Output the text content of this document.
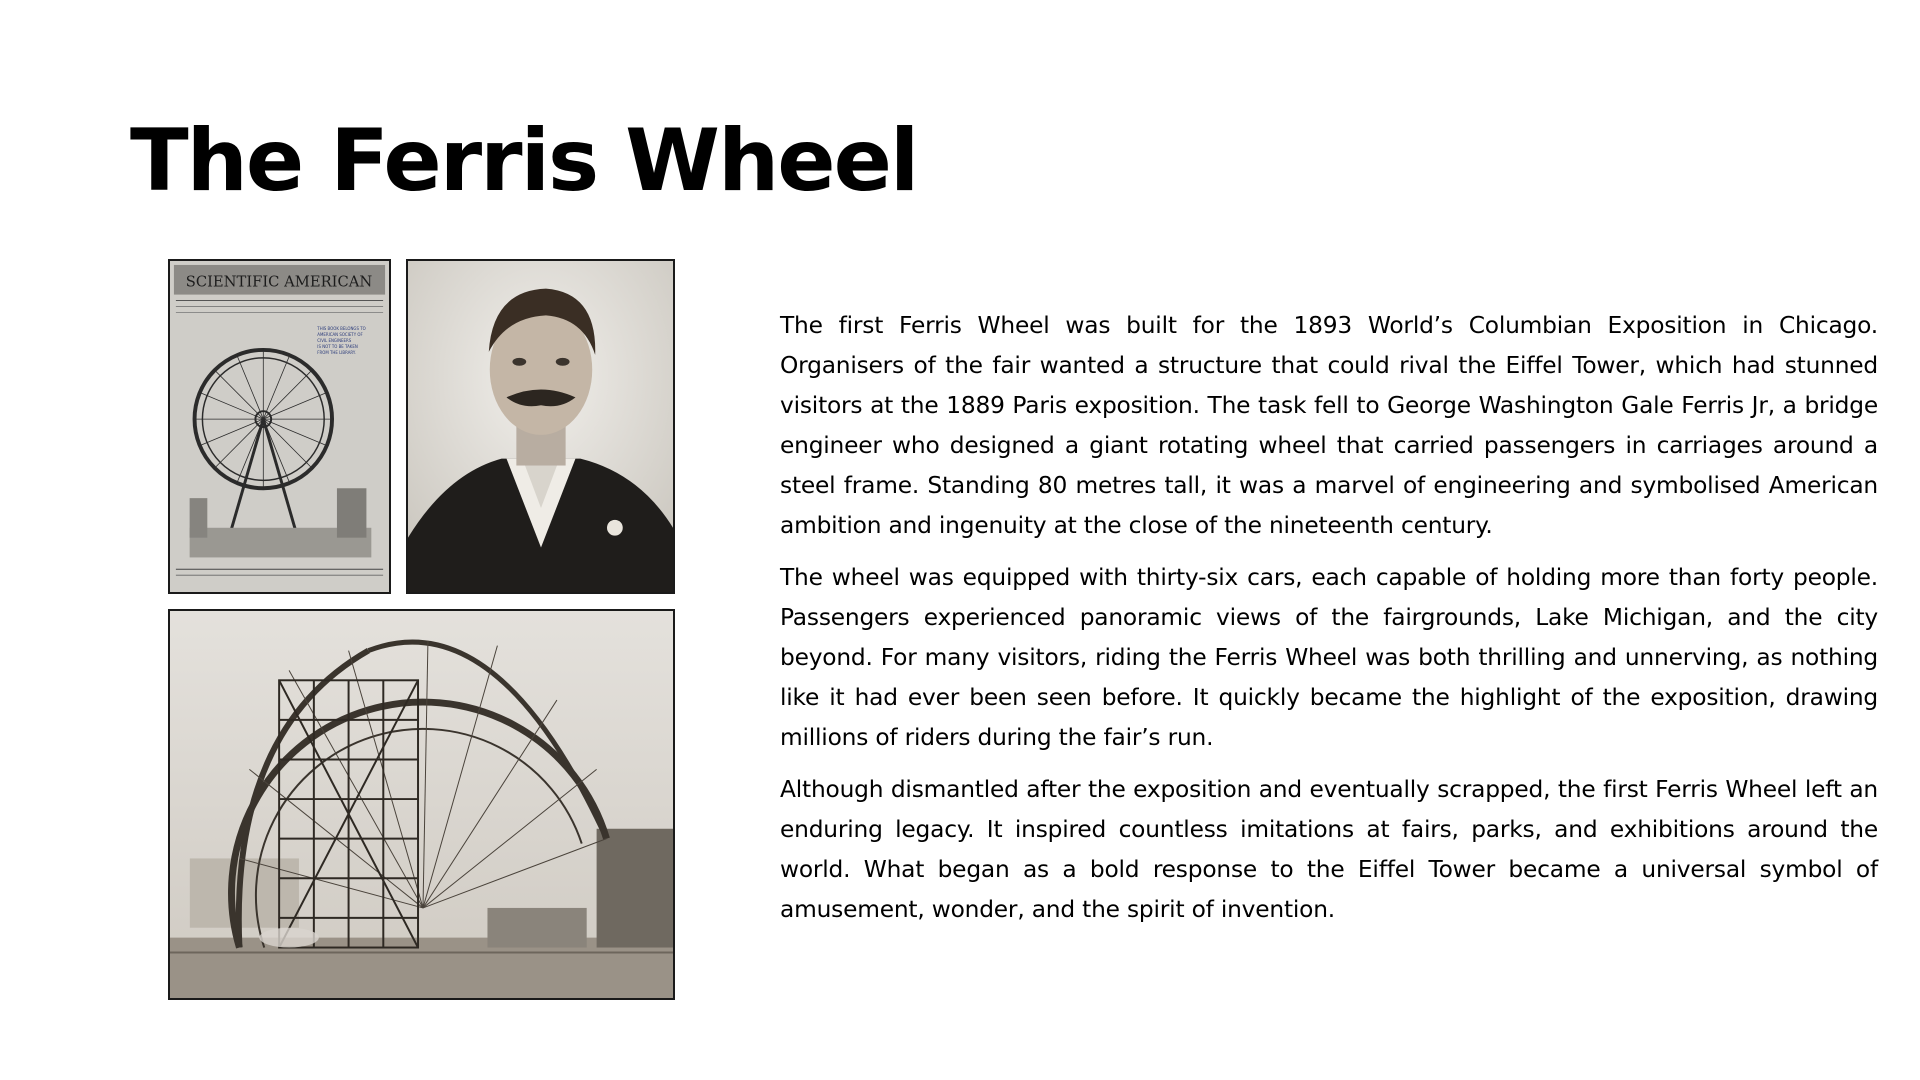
The Ferris Wheel
SCIENTIFIC AMERICAN
THIS BOOK BELONGS TO AMERICAN SOCIETY OF CIVIL ENGINEERS IS NOT TO BE TAKEN FROM THE LIBRARY.

The first Ferris Wheel was built for the 1893 World’s Columbian Exposition in Chicago. Organisers of the fair wanted a structure that could rival the Eiffel Tower, which had stunned visitors at the 1889 Paris exposition. The task fell to George Washington Gale Ferris Jr, a bridge engineer who designed a giant rotating wheel that carried passengers in carriages around a steel frame. Standing 80 metres tall, it was a marvel of engineering and symbolised American ambition and ingenuity at the close of the nineteenth century.

The wheel was equipped with thirty-six cars, each capable of holding more than forty people. Passengers experienced panoramic views of the fairgrounds, Lake Michigan, and the city beyond. For many visitors, riding the Ferris Wheel was both thrilling and unnerving, as nothing like it had ever been seen before. It quickly became the highlight of the exposition, drawing millions of riders during the fair’s run.

Although dismantled after the exposition and eventually scrapped, the first Ferris Wheel left an enduring legacy. It inspired countless imitations at fairs, parks, and exhibitions around the world. What began as a bold response to the Eiffel Tower became a universal symbol of amusement, wonder, and the spirit of invention.
